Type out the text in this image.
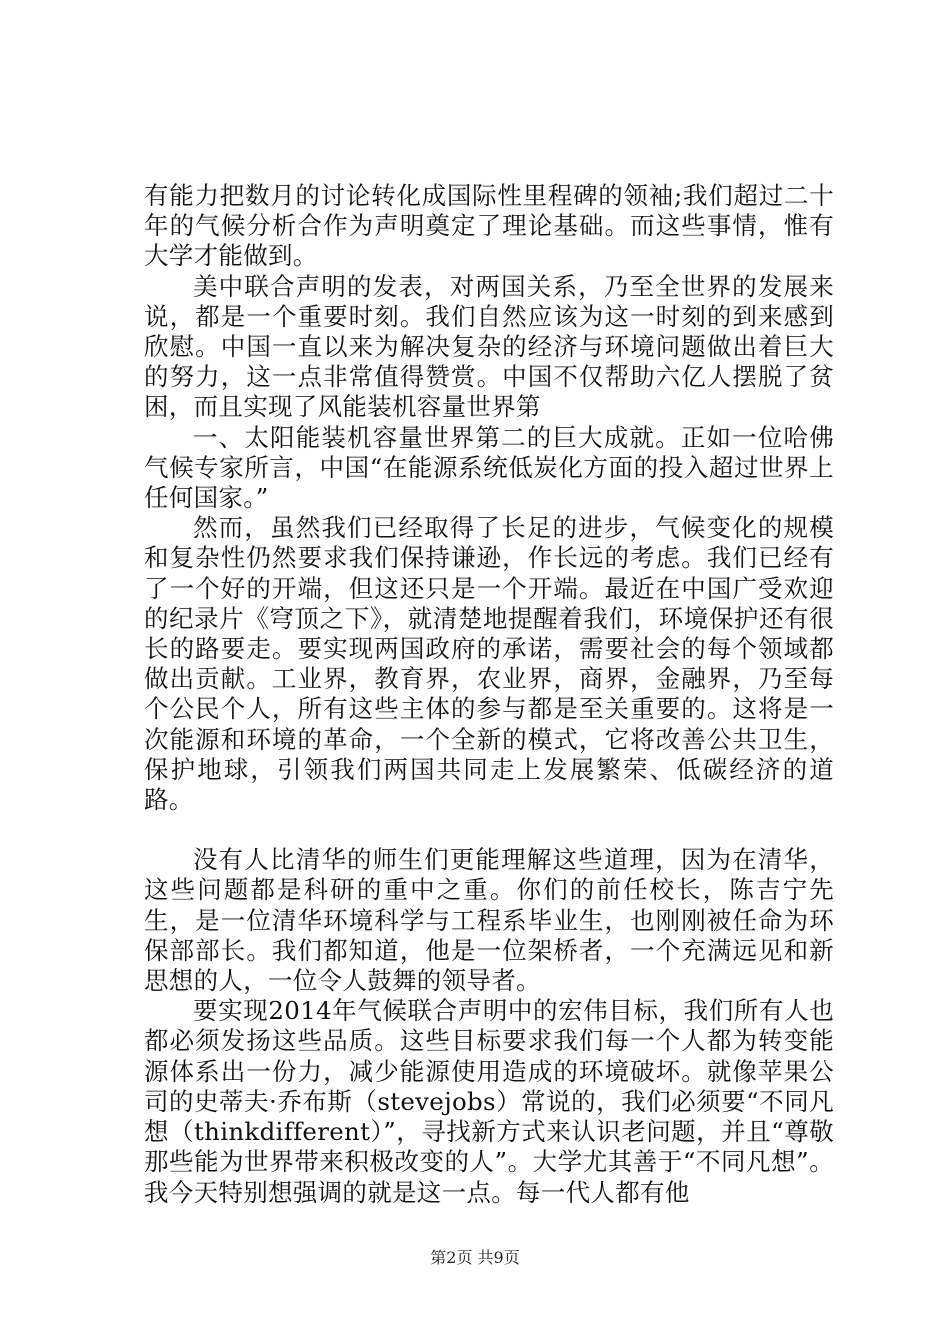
有能力把数月的讨论转化成国际性里程碑的领袖;我们超过二十年的气候分析合作为声明奠定了理论基础。而这些事情，惟有大学才能做到。

美中联合声明的发表，对两国关系，乃至全世界的发展来说，都是一个重要时刻。我们自然应该为这一时刻的到来感到欣慰。中国一直以来为解决复杂的经济与环境问题做出着巨大的努力，这一点非常值得赞赏。中国不仅帮助六亿人摆脱了贫困，而且实现了风能装机容量世界第

一、太阳能装机容量世界第二的巨大成就。正如一位哈佛气候专家所言，中国“在能源系统低炭化方面的投入超过世界上任何国家。”

然而，虽然我们已经取得了长足的进步，气候变化的规模和复杂性仍然要求我们保持谦逊，作长远的考虑。我们已经有了一个好的开端，但这还只是一个开端。最近在中国广受欢迎的纪录片《穹顶之下》，就清楚地提醒着我们，环境保护还有很长的路要走。要实现两国政府的承诺，需要社会的每个领域都做出贡献。工业界，教育界，农业界，商界，金融界，乃至每个公民个人，所有这些主体的参与都是至关重要的。这将是一次能源和环境的革命，一个全新的模式，它将改善公共卫生，保护地球，引领我们两国共同走上发展繁荣、低碳经济的道路。

没有人比清华的师生们更能理解这些道理，因为在清华，这些问题都是科研的重中之重。你们的前任校长，陈吉宁先生，是一位清华环境科学与工程系毕业生，也刚刚被任命为环保部部长。我们都知道，他是一位架桥者，一个充满远见和新思想的人，一位令人鼓舞的领导者。

要实现2014年气候联合声明中的宏伟目标，我们所有人也都必须发扬这些品质。这些目标要求我们每一个人都为转变能源体系出一份力，减少能源使用造成的环境破坏。就像苹果公司的史蒂夫·乔布斯（stevejobs）常说的，我们必须要“不同凡想（thinkdifferent）”，寻找新方式来认识老问题，并且“尊敬那些能为世界带来积极改变的人”。大学尤其善于“不同凡想”。我今天特别想强调的就是这一点。每一代人都有他

第2页 共9页
